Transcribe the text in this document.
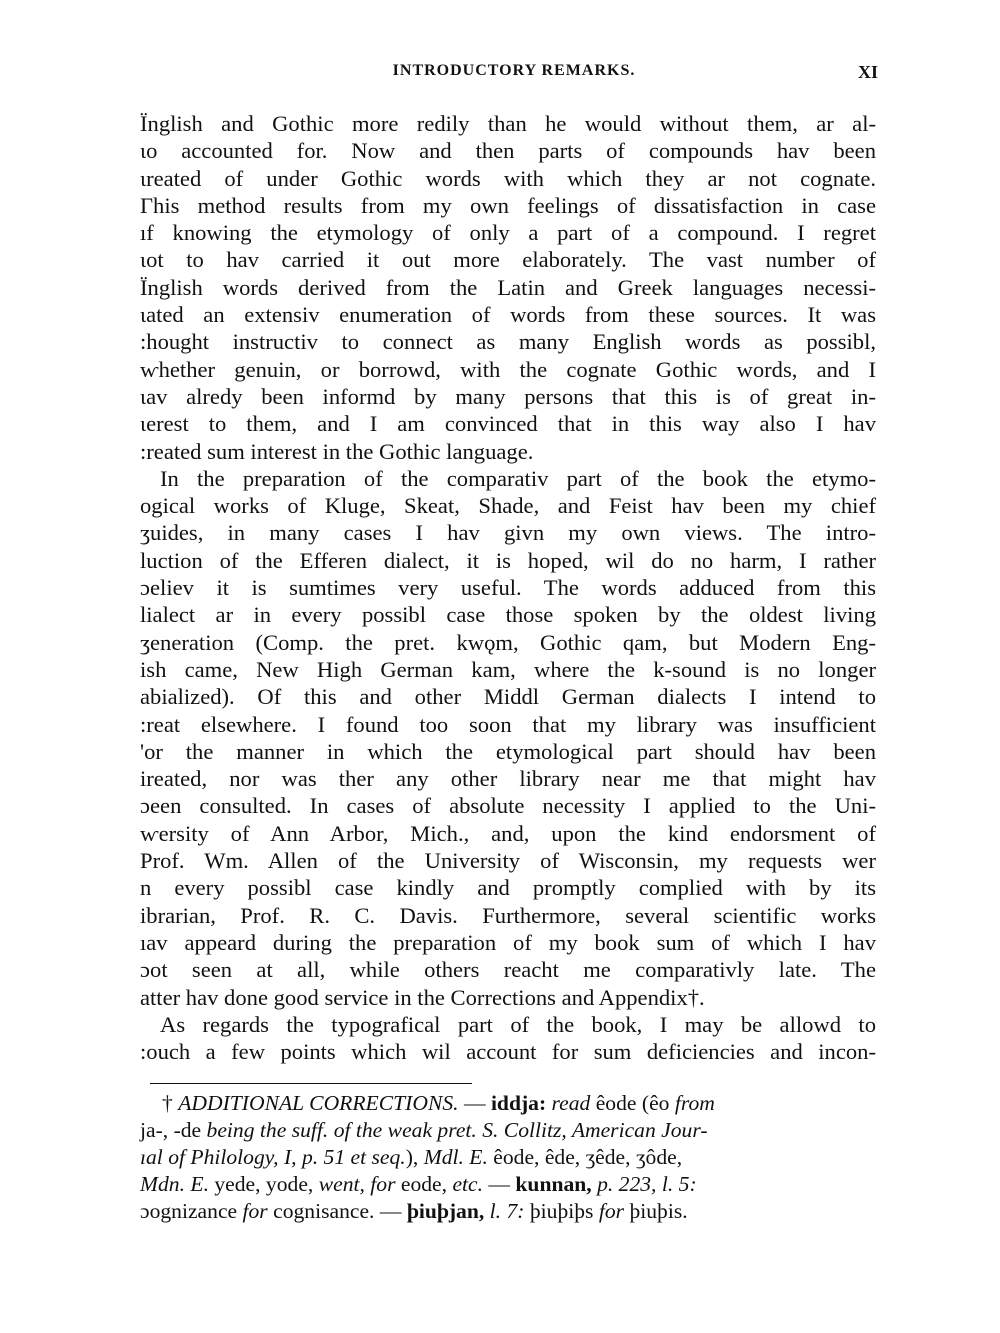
INTRODUCTORY REMARKS.	XI
Ϊnglish and Gothic more redily than he would without them, ar al-
ιo accounted for. Now and then parts of compounds hav been
ιreated of under Gothic words with which they ar not cognate.
Γhis method results from my own feelings of dissatisfaction in case
ıf knowing the etymology of only a part of a compound. I regret
ιot to hav carried it out more elaborately. The vast number of
Ϊnglish words derived from the Latin and Greek languages necessi-
ιated an extensiv enumeration of words from these sources. It was
:hought instructiv to connect as many English words as possibl,
ⱳhether genuin, or borrowd, with the cognate Gothic words, and I
ιav alredy been informd by many persons that this is of great in-
ιerest to them, and I am convinced that in this way also I hav
:reated sum interest in the Gothic language.
In the preparation of the comparativ part of the book the etymo-
ogical works of Kluge, Skeat, Shade, and Feist hav been my chief
ʒuides, in many cases I hav givn my own views. The intro-
luction of the Efferen dialect, it is hoped, wil do no harm, I rather
ɔeliev it is sumtimes very useful. The words adduced from this
lialect ar in every possibl case those spoken by the oldest living
ʒeneration (Comp. the pret. kwǫm, Gothic qam, but Modern Eng-
ish came, New High German kam, where the k-sound is no longer
abialized). Of this and other Middl German dialects I intend to
:reat elsewhere. I found too soon that my library was insufficient
'or the manner in which the etymological part should hav been
ireated, nor was ther any other library near me that might hav
ɔeen consulted. In cases of absolute necessity I applied to the Uni-
ⱳersity of Ann Arbor, Mich., and, upon the kind endorsment of
Prof. Wm. Allen of the University of Wisconsin, my requests wer
n every possibl case kindly and promptly complied with by its
ibrarian, Prof. R. C. Davis. Furthermore, several scientific works
ıav appeard during the preparation of my book sum of which I hav
ɔot seen at all, while others reacht me comparativly late. The
atter hav done good service in the Corrections and Appendix†.
As regards the typografical part of the book, I may be allowd to
:ouch a few points which wil account for sum deficiencies and incon-
† ADDITIONAL CORRECTIONS. — iddja: read êode (êo from
ja-, -de being the suff. of the weak pret. S. Collitz, American Jour-
ıal of Philology, I, p. 51 et seq.), Mdl. E. êode, êde, ʒêde, ʒôde,
Mdn. E. yede, yode, went, for eode, etc. — kunnan, p. 223, l. 5:
ɔognizance for cognisance. — þiuþjan, l. 7: þiuþiþs for þiuþis.
